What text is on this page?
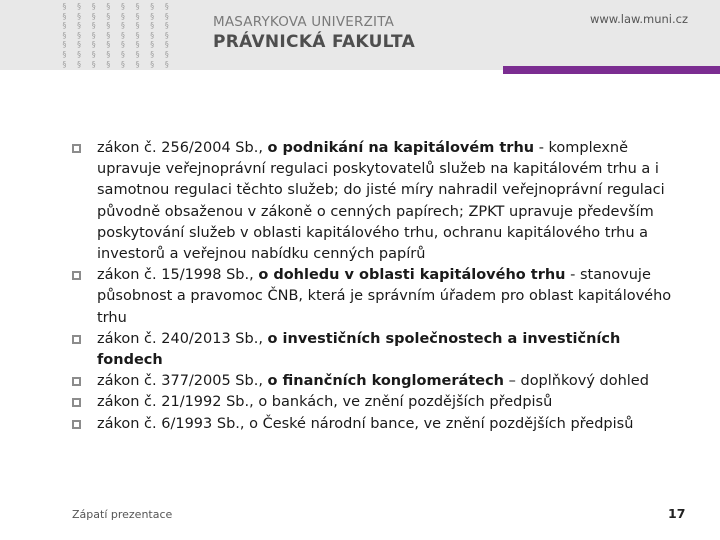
§ § § § § § § §
§ § § § § § § §
§ § § § § § § §
§ § § § § § § §
§ § § § § § § §
§ § § § § § § §
§ § § § § § § §
MASARYKOVA UNIVERZITA
PRÁVNICKÁ FAKULTA
www.law.muni.cz
zákon č. 256/2004 Sb., o podnikání na kapitálovém trhu - komplexně upravuje veřejnoprávní regulaci poskytovatelů služeb na kapitálovém trhu a i samotnou regulaci těchto služeb; do jisté míry nahradil veřejnoprávní regulaci původně obsaženou v zákoně o cenných papírech; ZPKT upravuje především poskytování služeb v oblasti kapitálového trhu, ochranu kapitálového trhu a investorů a veřejnou nabídku cenných papírů
zákon č. 15/1998 Sb., o dohledu v oblasti kapitálového trhu - stanovuje působnost a pravomoc ČNB, která je správním úřadem pro oblast kapitálového trhu
zákon č. 240/2013 Sb., o investičních společnostech a investičních fondech
zákon č. 377/2005 Sb., o finančních konglomerátech – doplňkový dohled
zákon č. 21/1992 Sb., o bankách, ve znění pozdějších předpisů
zákon č. 6/1993 Sb., o České národní bance, ve znění pozdějších předpisů
Zápatí prezentace	17
